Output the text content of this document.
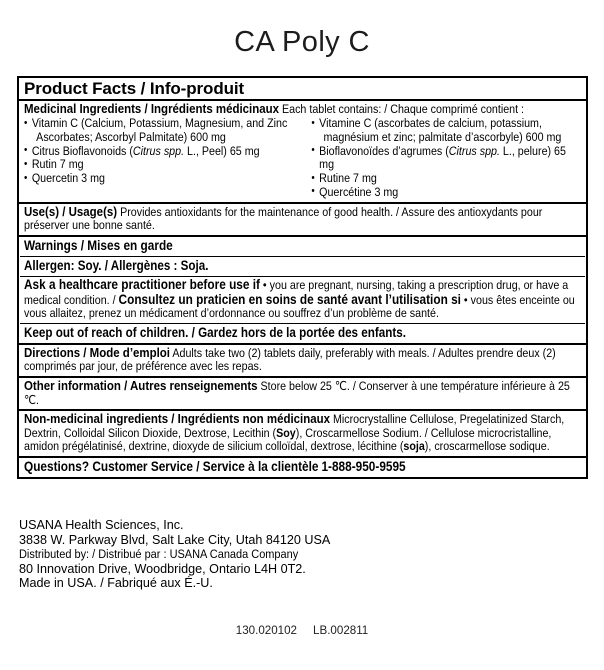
CA Poly C
Product Facts / Info-produit
Medicinal Ingredients / Ingrédients médicinaux Each tablet contains: / Chaque comprimé contient :
• Vitamin C (Calcium, Potassium, Magnesium, and Zinc
Ascorbates; Ascorbyl Palmitate) 600 mg
• Citrus Bioflavonoids (Citrus spp. L., Peel) 65 mg
• Rutin 7 mg
• Quercetin 3 mg
• Vitamine C (ascorbates de calcium, potassium,
magnésium et zinc; palmitate d’ascorbyle) 600 mg
• Bioflavonoïdes d’agrumes (Citrus spp. L., pelure) 65 mg
• Rutine 7 mg
• Quercétine 3 mg
Use(s) / Usage(s) Provides antioxidants for the maintenance of good health. / Assure des antioxydants pour préserver une bonne santé.
Warnings / Mises en garde
Allergen: Soy. / Allergènes : Soja.
Ask a healthcare practitioner before use if • you are pregnant, nursing, taking a prescription drug, or have a medical condition. / Consultez un praticien en soins de santé avant l’utilisation si • vous êtes enceinte ou vous allaitez, prenez un médicament d’ordonnance ou souffrez d’un problème de santé.
Keep out of reach of children. / Gardez hors de la portée des enfants.
Directions / Mode d’emploi Adults take two (2) tablets daily, preferably with meals. / Adultes prendre deux (2) comprimés par jour, de préférence avec les repas.
Other information / Autres renseignements Store below 25 ℃. / Conserver à une température inférieure à 25 ℃.
Non-medicinal ingredients / Ingrédients non médicinaux Microcrystalline Cellulose, Pregelatinized Starch, Dextrin, Colloidal Silicon Dioxide, Dextrose, Lecithin (Soy), Croscarmellose Sodium. / Cellulose microcristalline, amidon prégélatinisé, dextrine, dioxyde de silicium colloïdal, dextrose, lécithine (soja), croscarmellose sodique.
Questions? Customer Service / Service à la clientèle 1-888-950-9595
USANA Health Sciences, Inc.
3838 W. Parkway Blvd, Salt Lake City, Utah 84120 USA
Distributed by: / Distribué par : USANA Canada Company
80 Innovation Drive, Woodbridge, Ontario L4H 0T2.
Made in USA. / Fabriqué aux É.-U.
130.020102 LB.002811
